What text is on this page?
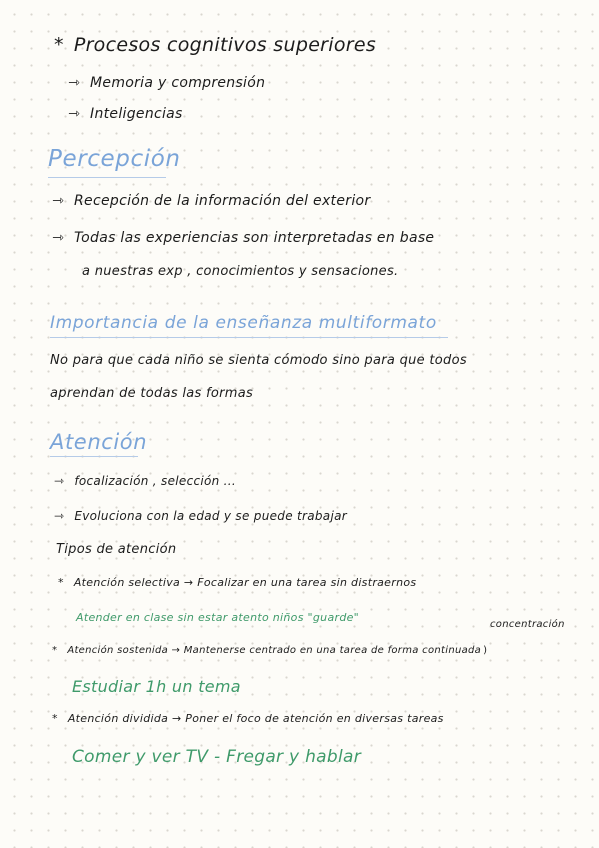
* Procesos cognitivos superiores
⇾ Memoria y comprensión
⇾ Inteligencias
Percepción
⇾ Recepción de la información del exterior
⇾ Todas las experiencias son interpretadas en base
a nuestras exp , conocimientos y sensaciones.
Importancia de la enseñanza multiformato
No para que cada niño se sienta cómodo sino para que todos
aprendan de todas las formas
Atención
⇾ focalización , selección ...
⇾ Evoluciona con la edad y se puede trabajar
Tipos de atención
* Atención selectiva → Focalizar en una tarea sin distraernos
Atender en clase sin estar atento niños "guarde"
concentración
* Atención sostenida → Mantenerse centrado en una tarea de forma continuada )
Estudiar 1h un tema
* Atención dividida → Poner el foco de atención en diversas tareas
Comer y ver TV - Fregar y hablar
